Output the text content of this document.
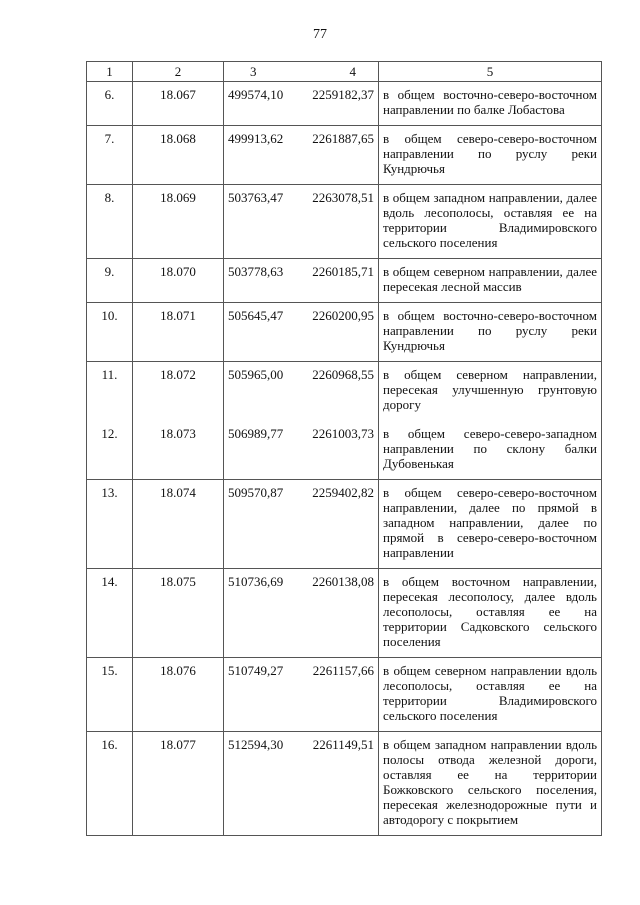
77
1	2	3 4	5
6.	18.067	499574,10 2259182,37	в общем восточно-северо-восточном направлении по балке Лобастова
7.	18.068	499913,62 2261887,65	в общем северо-северо-восточном направлении по руслу реки Кундрючья
8.	18.069	503763,47 2263078,51	в общем западном направлении, далее вдоль лесополосы, оставляя ее на территории Владимировского сельского поселения
9.	18.070	503778,63 2260185,71	в общем северном направлении, далее пересекая лесной массив
10.	18.071	505645,47 2260200,95	в общем восточно-северо-восточном направлении по руслу реки Кундрючья
11.	18.072	505965,00 2260968,55	в общем северном направлении, пересекая улучшенную грунтовую дорогу
12.	18.073	506989,77 2261003,73	в общем северо-северо-западном направлении по склону балки Дубовенькая
13.	18.074	509570,87 2259402,82	в общем северо-северо-восточном направлении, далее по прямой в западном направлении, далее по прямой в северо-северо-восточном направлении
14.	18.075	510736,69 2260138,08	в общем восточном направлении, пересекая лесополосу, далее вдоль лесополосы, оставляя ее на территории Садковского сельского поселения
15.	18.076	510749,27 2261157,66	в общем северном направлении вдоль лесополосы, оставляя ее на территории Владимировского сельского поселения
16.	18.077	512594,30 2261149,51	в общем западном направлении вдоль полосы отвода железной дороги, оставляя ее на территории Божковского сельского поселения, пересекая железнодорожные пути и автодорогу с покрытием
